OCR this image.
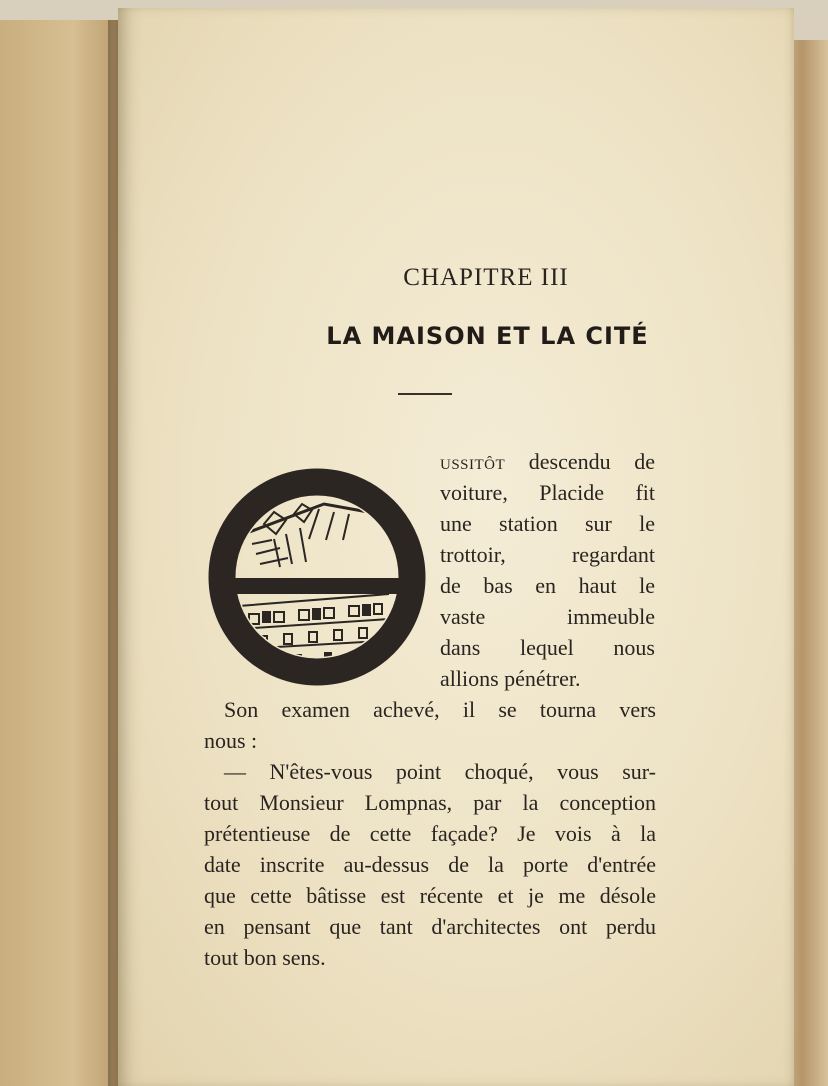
CHAPITRE III
LA MAISON ET LA CITÉ
ussitôt descendu de
voiture, Placide fit
une station sur le
trottoir, regardant
de bas en haut le
vaste immeuble
dans lequel nous
allions pénétrer.
Son examen achevé, il se tourna vers
nous :
— N'êtes-vous point choqué, vous sur-
tout Monsieur Lompnas, par la conception
prétentieuse de cette façade? Je vois à la
date inscrite au-dessus de la porte d'entrée
que cette bâtisse est récente et je me désole
en pensant que tant d'architectes ont perdu
tout bon sens.
